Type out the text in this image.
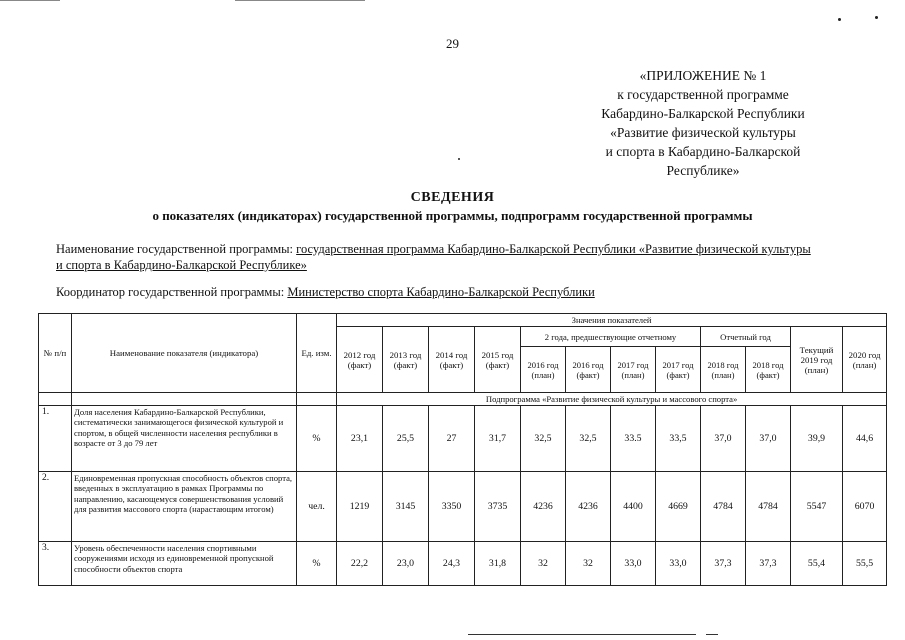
29
«ПРИЛОЖЕНИЕ № 1
к государственной программе
Кабардино-Балкарской Республики
«Развитие физической культуры
и спорта в Кабардино-Балкарской
Республике»
СВЕДЕНИЯ
о показателях (индикаторах) государственной программы, подпрограмм государственной программы
Наименование государственной программы: государственная программа Кабардино-Балкарской Республики «Развитие физической культуры
и спорта в Кабардино-Балкарской Республике»
Координатор государственной программы: Министерство спорта Кабардино-Балкарской Республики
№ п/п	Наименование показателя (индикатора)	Ед. изм.	Значения показателей											
			2012 год (факт)	2013 год (факт)	2014 год (факт)	2015 год (факт)	2 года, предшествующие отчетному				Отчетный год		Текущий 2019 год (план)	2020 год (план)
							2016 год (план)	2016 год (факт)	2017 год (план)	2017 год (факт)	2018 год (план)	2018 год (факт)		
			Подпрограмма «Развитие физической культуры и массового спорта»											
1.	Доля населения Кабардино-Балкарской Республики, систематически занимающегося физической культурой и спортом, в общей численности населения республики в возрасте от 3 до 79 лет	%	23,1	25,5	27	31,7	32,5	32,5	33.5	33,5	37,0	37,0	39,9	44,6
2.	Единовременная пропускная способность объектов спорта, введенных в эксплуатацию в рамках Программы по направлению, касающемуся совершенствования условий для развития массового спорта (нарастающим итогом)	чел.	1219	3145	3350	3735	4236	4236	4400	4669	4784	4784	5547	6070
3.	Уровень обеспеченности населения спортивными сооружениями исходя из единовременной пропускной способности объектов спорта	%	22,2	23,0	24,3	31,8	32	32	33,0	33,0	37,3	37,3	55,4	55,5
